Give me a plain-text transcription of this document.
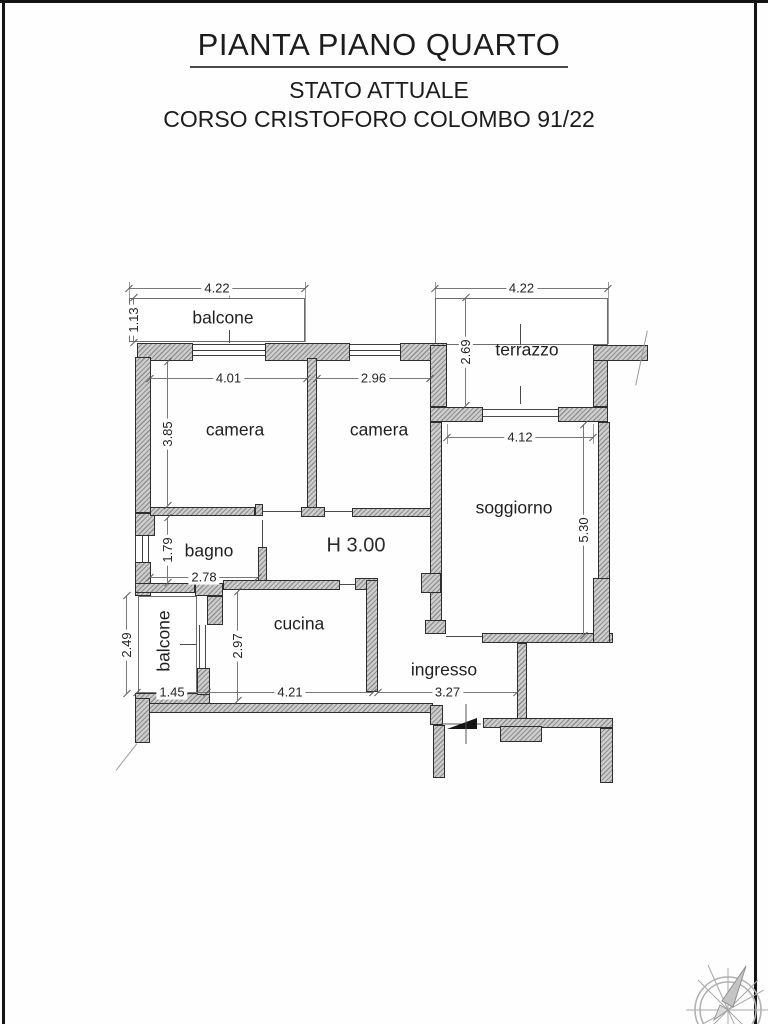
PIANTA PIANO QUARTO
STATO ATTUALE
CORSO CRISTOFORO COLOMBO 91/22
4.22
1.13
4.01	2.96
4.22
2.69
3.85	4.12
5.30
1.79
2.78
2.49
1.45
2.97
4.21	3.27
balcone
camera	camera
terrazzo
soggiorno
bagno
cucina
ingresso
balcone
H 3.00
